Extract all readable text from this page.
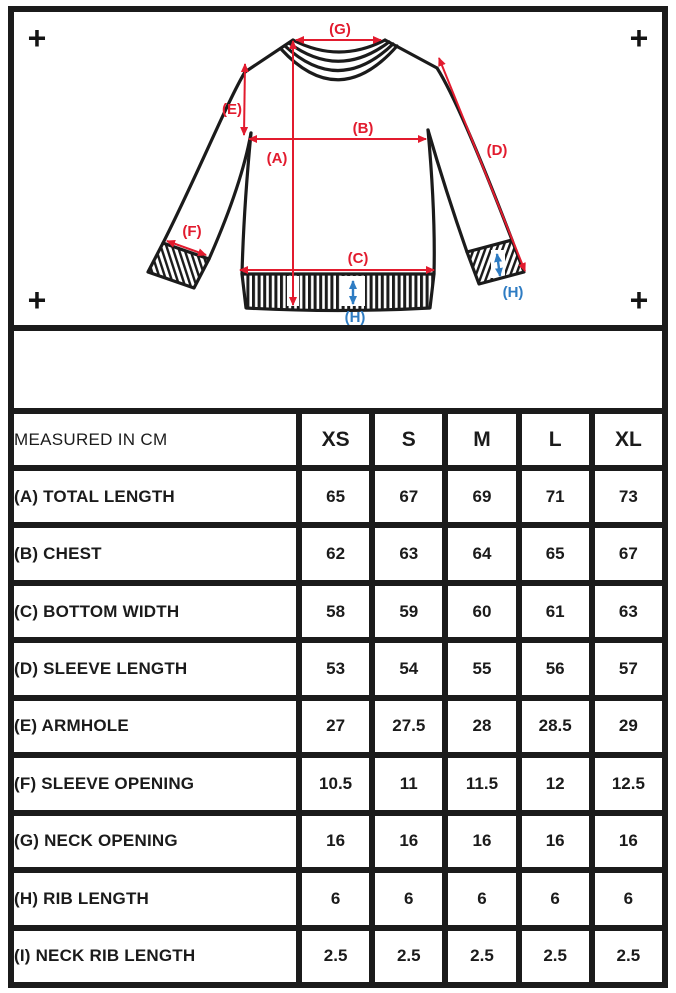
+	+
+	+
(G)
(A)
(B)
(C)
(D)
(E)
(F)
(H)
(H)
MEASURED IN CM	XS	S	M	L	XL
(A) TOTAL LENGTH	65	67	69	71	73
(B) CHEST	62	63	64	65	67
(C) BOTTOM WIDTH	58	59	60	61	63
(D) SLEEVE LENGTH	53	54	55	56	57
(E) ARMHOLE	27	27.5	28	28.5	29
(F) SLEEVE OPENING	10.5	11	11.5	12	12.5
(G) NECK OPENING	16	16	16	16	16
(H) RIB LENGTH	6	6	6	6	6
(I) NECK RIB LENGTH	2.5	2.5	2.5	2.5	2.5
